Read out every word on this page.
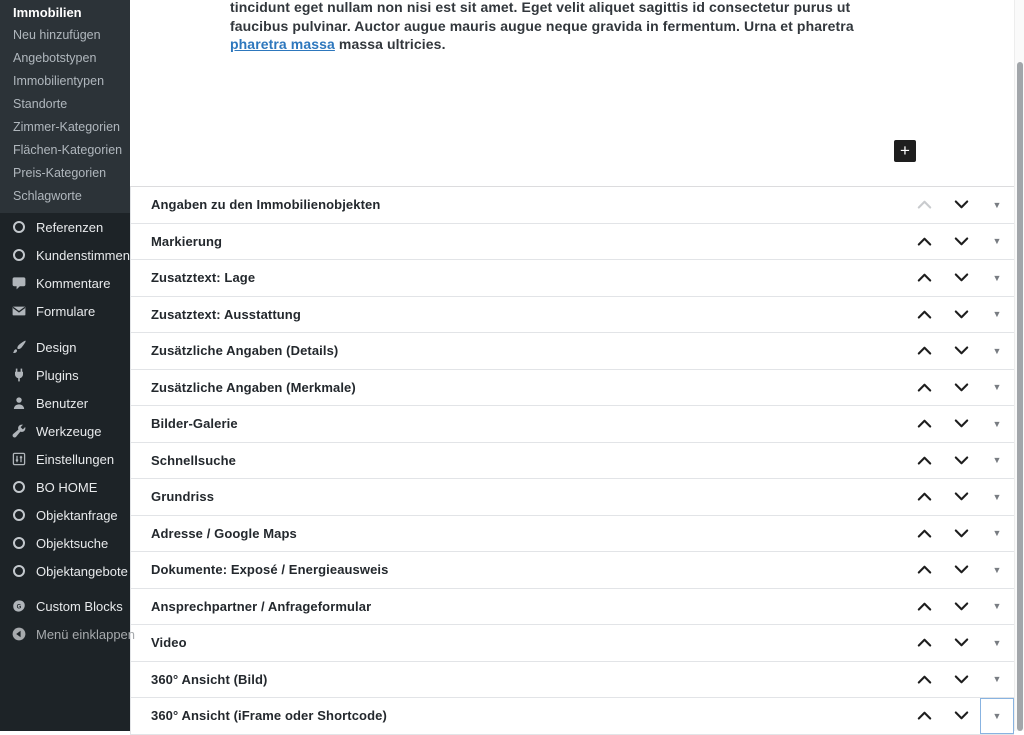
Immobilien
Neu hinzufügen
Angebotstypen
Immobilientypen
Standorte
Zimmer-Kategorien
Flächen-Kategorien
Preis-Kategorien
Schlagworte
Referenzen
Kundenstimmen
Kommentare
Formulare
Design
Plugins
Benutzer
Werkzeuge
Einstellungen
BO HOME
Objektanfrage
Objektsuche
Objektangebote
G Custom Blocks
Menü einklappen
tincidunt eget nullam non nisi est sit amet. Eget velit aliquet sagittis id consectetur purus ut
faucibus pulvinar. Auctor augue mauris augue neque gravida in fermentum. Urna et pharetra
pharetra massa massa ultricies.
+
Angaben zu den Immobilienobjekten	▼
Markierung	▼
Zusatztext: Lage	▼
Zusatztext: Ausstattung	▼
Zusätzliche Angaben (Details)	▼
Zusätzliche Angaben (Merkmale)	▼
Bilder-Galerie	▼
Schnellsuche	▼
Grundriss	▼
Adresse / Google Maps	▼
Dokumente: Exposé / Energieausweis	▼
Ansprechpartner / Anfrageformular	▼
Video	▼
360° Ansicht (Bild)	▼
360° Ansicht (iFrame oder Shortcode)	▼
